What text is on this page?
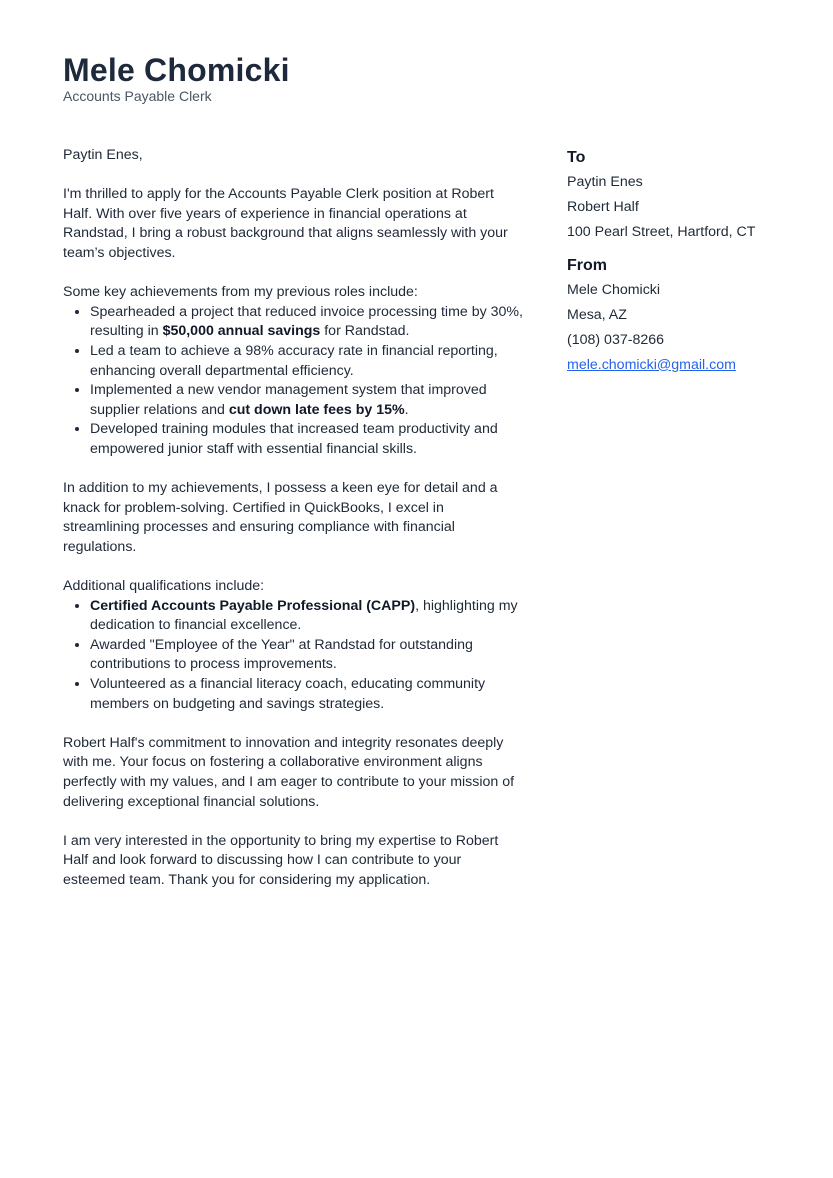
Mele Chomicki
Accounts Payable Clerk

Paytin Enes,

I'm thrilled to apply for the Accounts Payable Clerk position at Robert Half. With over five years of experience in financial operations at Randstad, I bring a robust background that aligns seamlessly with your team’s objectives.

Some key achievements from my previous roles include:

• Spearheaded a project that reduced invoice processing time by 30%, resulting in $50,000 annual savings for Randstad.
• Led a team to achieve a 98% accuracy rate in financial reporting, enhancing overall departmental efficiency.
• Implemented a new vendor management system that improved supplier relations and cut down late fees by 15%.
• Developed training modules that increased team productivity and empowered junior staff with essential financial skills.

In addition to my achievements, I possess a keen eye for detail and a knack for problem-solving. Certified in QuickBooks, I excel in streamlining processes and ensuring compliance with financial regulations.

Additional qualifications include:

• Certified Accounts Payable Professional (CAPP), highlighting my dedication to financial excellence.
• Awarded "Employee of the Year" at Randstad for outstanding contributions to process improvements.
• Volunteered as a financial literacy coach, educating community members on budgeting and savings strategies.

Robert Half's commitment to innovation and integrity resonates deeply with me. Your focus on fostering a collaborative environment aligns perfectly with my values, and I am eager to contribute to your mission of delivering exceptional financial solutions.

I am very interested in the opportunity to bring my expertise to Robert Half and look forward to discussing how I can contribute to your esteemed team. Thank you for considering my application.

To
Paytin Enes
Robert Half
100 Pearl Street, Hartford, CT
From
Mele Chomicki
Mesa, AZ
(108) 037-8266
mele.chomicki@gmail.com
